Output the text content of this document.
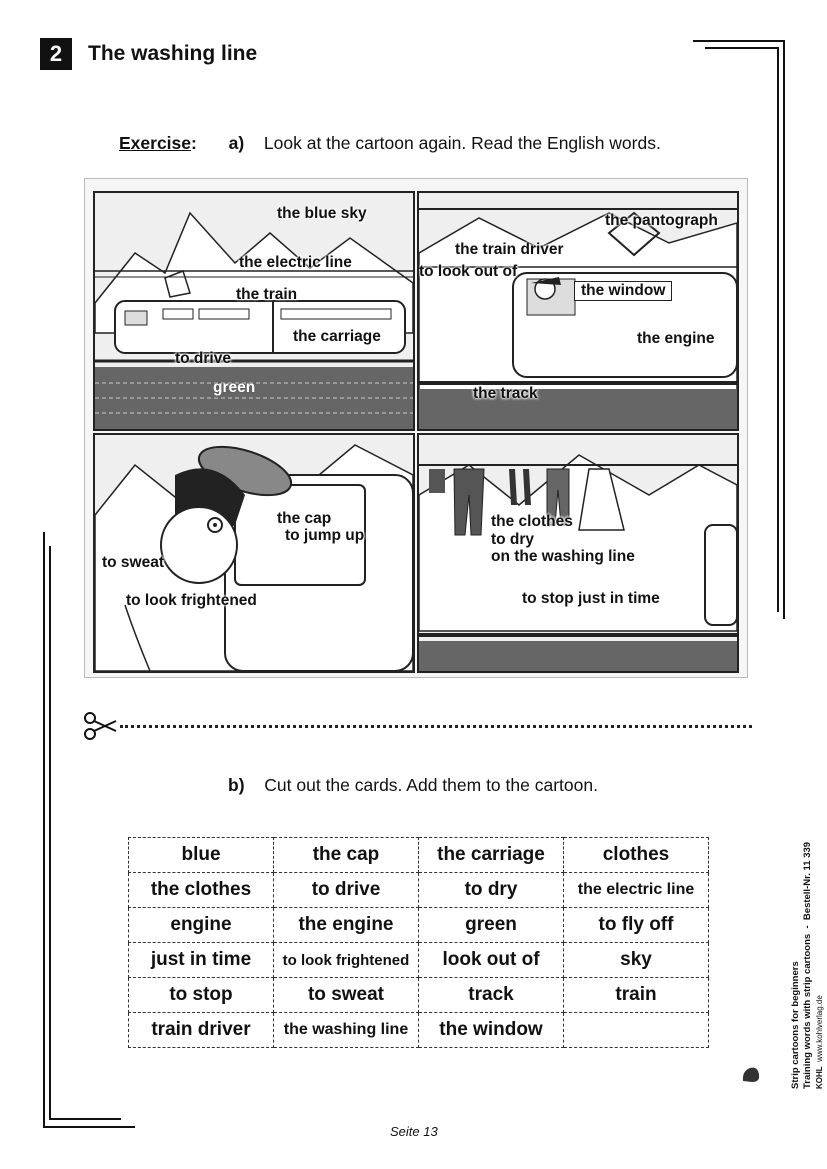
2	The washing line
Exercise: a) Look at the cartoon again. Read the English words.
the blue sky
the electric line
the train
the carriage
to drive
green
the pantograph
the train driver
to look out of
the window
the engine
the track
the cap
to jump up
to sweat
to look frightened
the clothes
to dry
on the washing line
to stop just in time
b) Cut out the cards. Add them to the cartoon.
blue	the cap	the carriage	clothes
the clothes	to drive	to dry	the electric line
engine	the engine	green	to fly off
just in time	to look frightened	look out of	sky
to stop	to sweat	track	train
train driver	the washing line	the window		Strip cartoons for beginners Training words with strip cartoons  -  Bestell-Nr. 11 339
KOHL  www.kohlverlag.de
Seite 13
